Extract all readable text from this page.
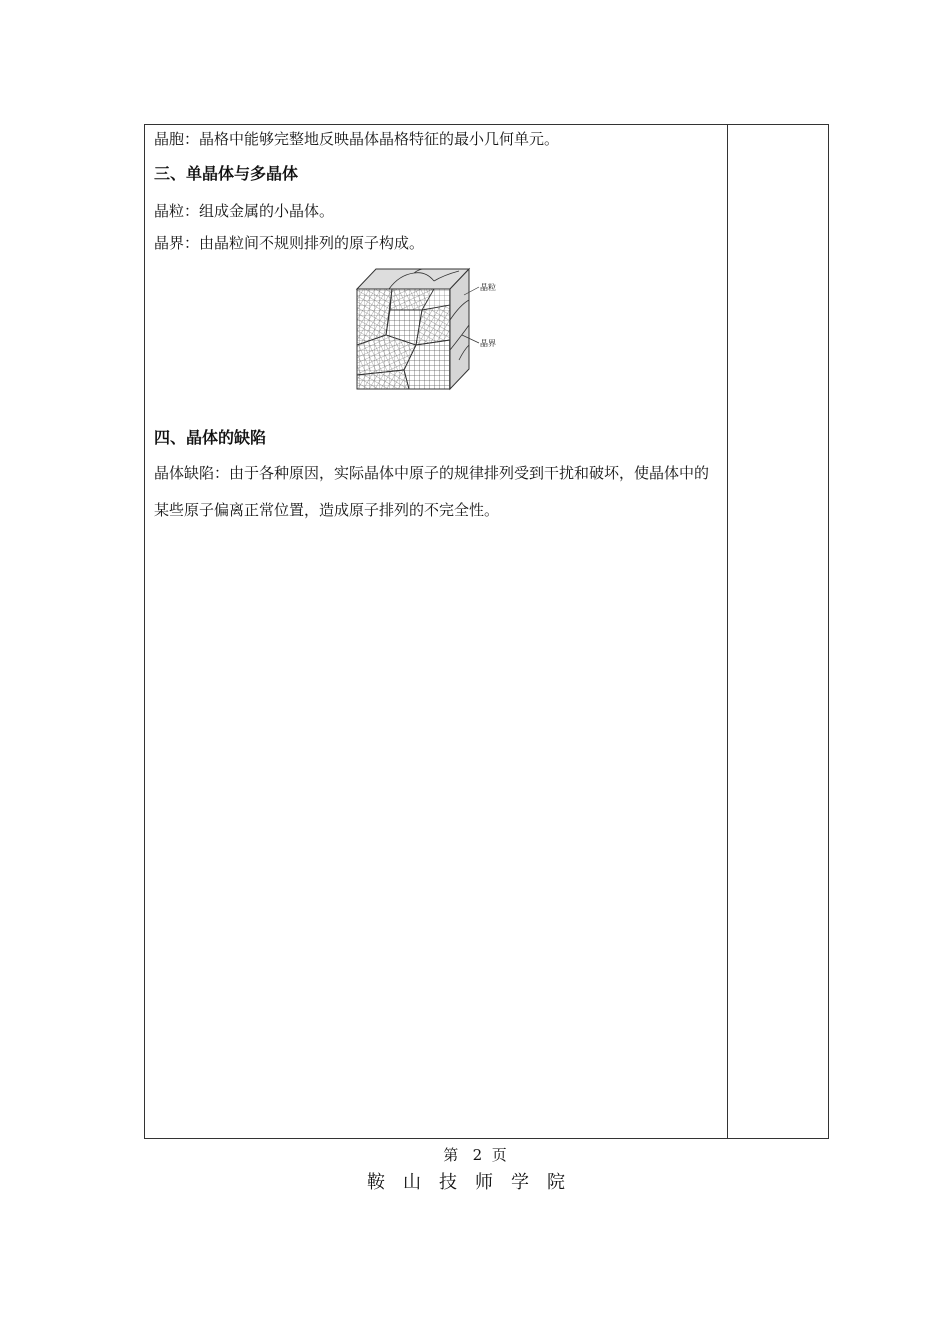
晶胞：晶格中能够完整地反映晶体晶格特征的最小几何单元。
三、单晶体与多晶体
晶粒：组成金属的小晶体。
晶界：由晶粒间不规则排列的原子构成。
晶粒
晶界
四、晶体的缺陷
晶体缺陷：由于各种原因，实际晶体中原子的规律排列受到干扰和破坏，使晶体中的某些原子偏离正常位置，造成原子排列的不完全性。
第 2 页
鞍山技师学院
